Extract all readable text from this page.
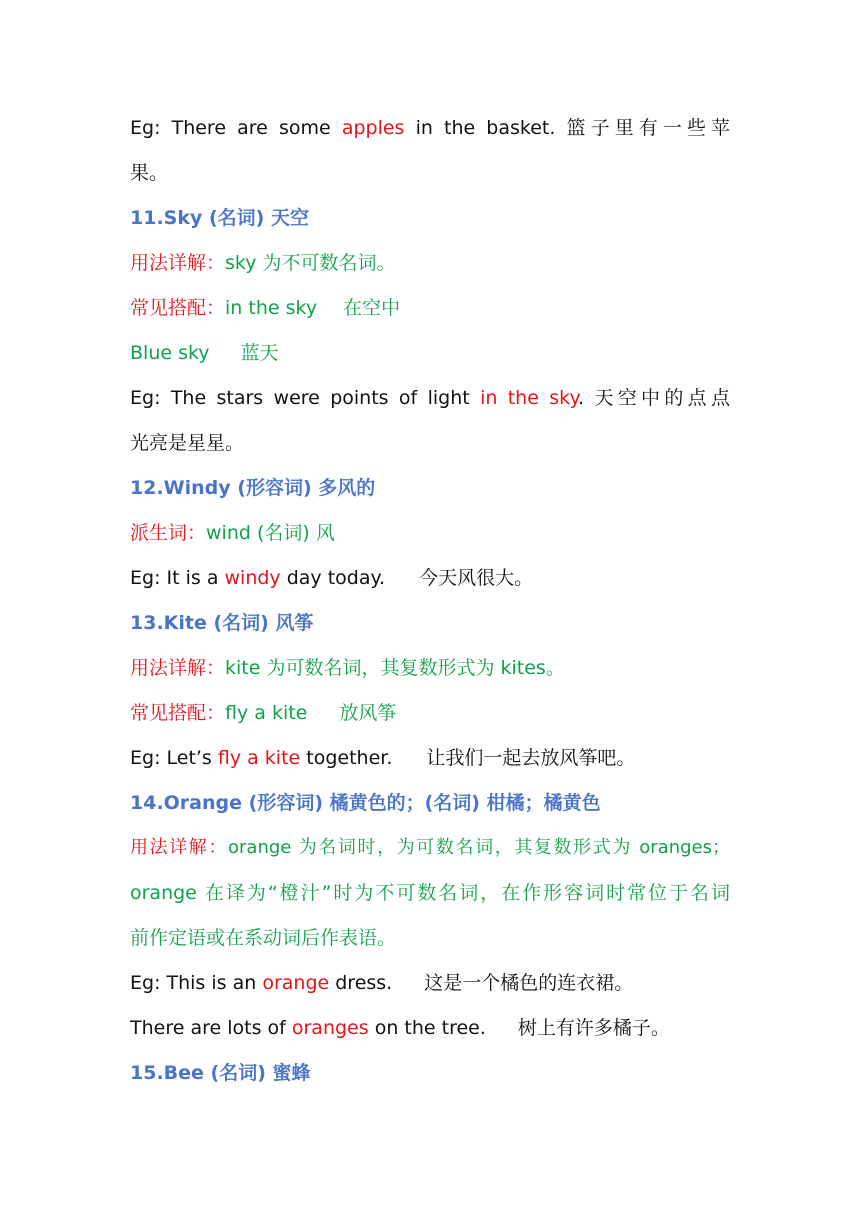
Eg: There are some apples in the basket. 篮子里有一些苹
果。
11.Sky (名词) 天空
用法详解：sky 为不可数名词。
常见搭配：in the sky 在空中
Blue sky 蓝天
Eg: The stars were points of light in the sky. 天空中的点点
光亮是星星。
12.Windy (形容词) 多风的
派生词：wind (名词) 风
Eg: It is a windy day today. 今天风很大。
13.Kite (名词) 风筝
用法详解：kite 为可数名词，其复数形式为 kites。
常见搭配：fly a kite 放风筝
Eg: Let’s fly a kite together. 让我们一起去放风筝吧。
14.Orange (形容词) 橘黄色的；(名词) 柑橘；橘黄色
用法详解：orange 为名词时，为可数名词，其复数形式为 oranges；
orange 在译为“橙汁”时为不可数名词，在作形容词时常位于名词
前作定语或在系动词后作表语。
Eg: This is an orange dress. 这是一个橘色的连衣裙。
There are lots of oranges on the tree. 树上有许多橘子。
15.Bee (名词) 蜜蜂
